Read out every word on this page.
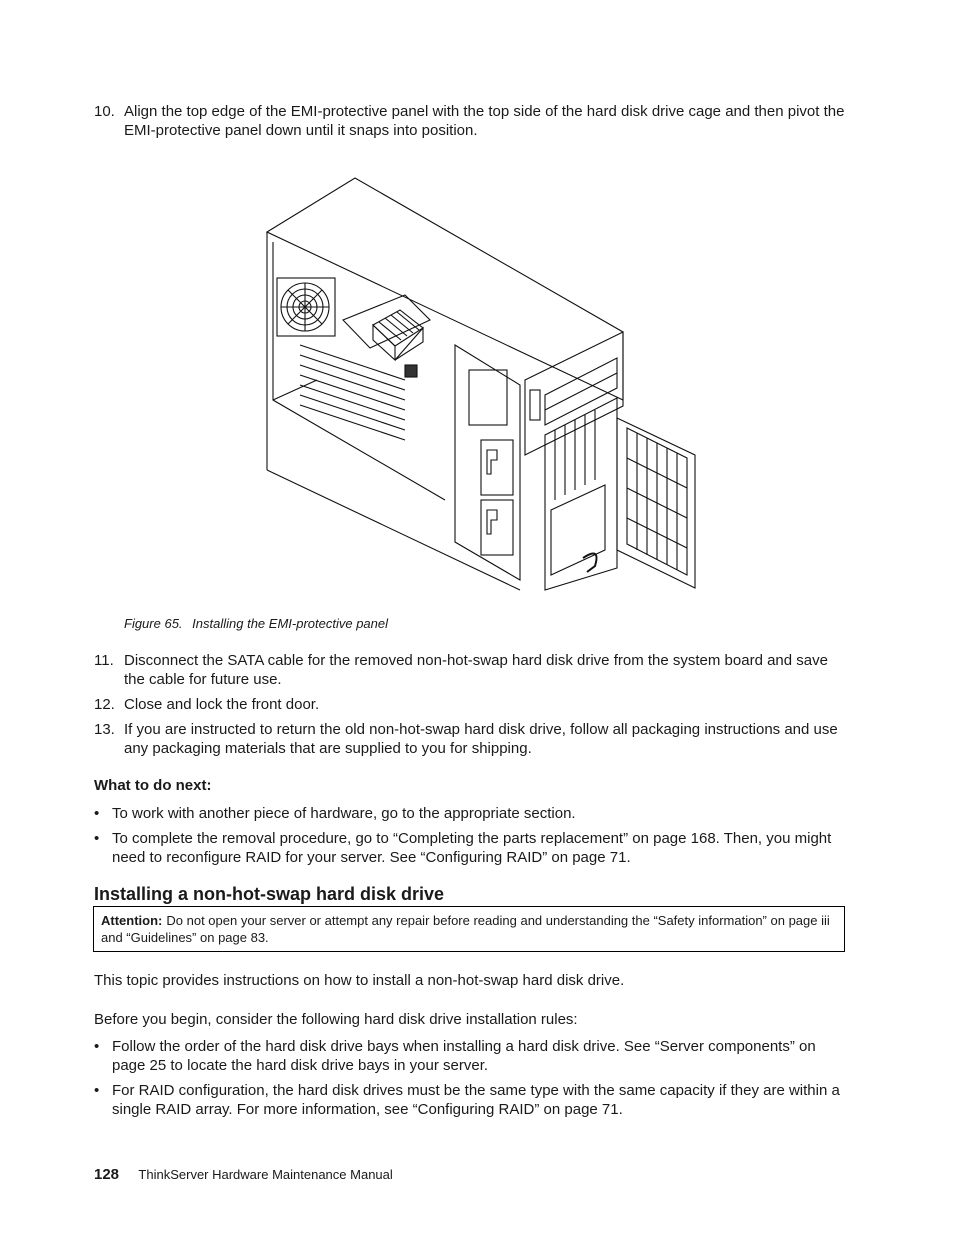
10. Align the top edge of the EMI-protective panel with the top side of the hard disk drive cage and then pivot the EMI-protective panel down until it snaps into position.
Figure 65. Installing the EMI-protective panel
11. Disconnect the SATA cable for the removed non-hot-swap hard disk drive from the system board and save the cable for future use.
12. Close and lock the front door.
13. If you are instructed to return the old non-hot-swap hard disk drive, follow all packaging instructions and use any packaging materials that are supplied to you for shipping.
What to do next:
• To work with another piece of hardware, go to the appropriate section.
• To complete the removal procedure, go to “Completing the parts replacement” on page 168. Then, you might need to reconfigure RAID for your server. See “Configuring RAID” on page 71.
Installing a non-hot-swap hard disk drive
Attention: Do not open your server or attempt any repair before reading and understanding the “Safety information” on page iii and “Guidelines” on page 83.
This topic provides instructions on how to install a non-hot-swap hard disk drive.
Before you begin, consider the following hard disk drive installation rules:
• Follow the order of the hard disk drive bays when installing a hard disk drive. See “Server components” on page 25 to locate the hard disk drive bays in your server.
• For RAID configuration, the hard disk drives must be the same type with the same capacity if they are within a single RAID array. For more information, see “Configuring RAID” on page 71.
128 ThinkServer Hardware Maintenance Manual
